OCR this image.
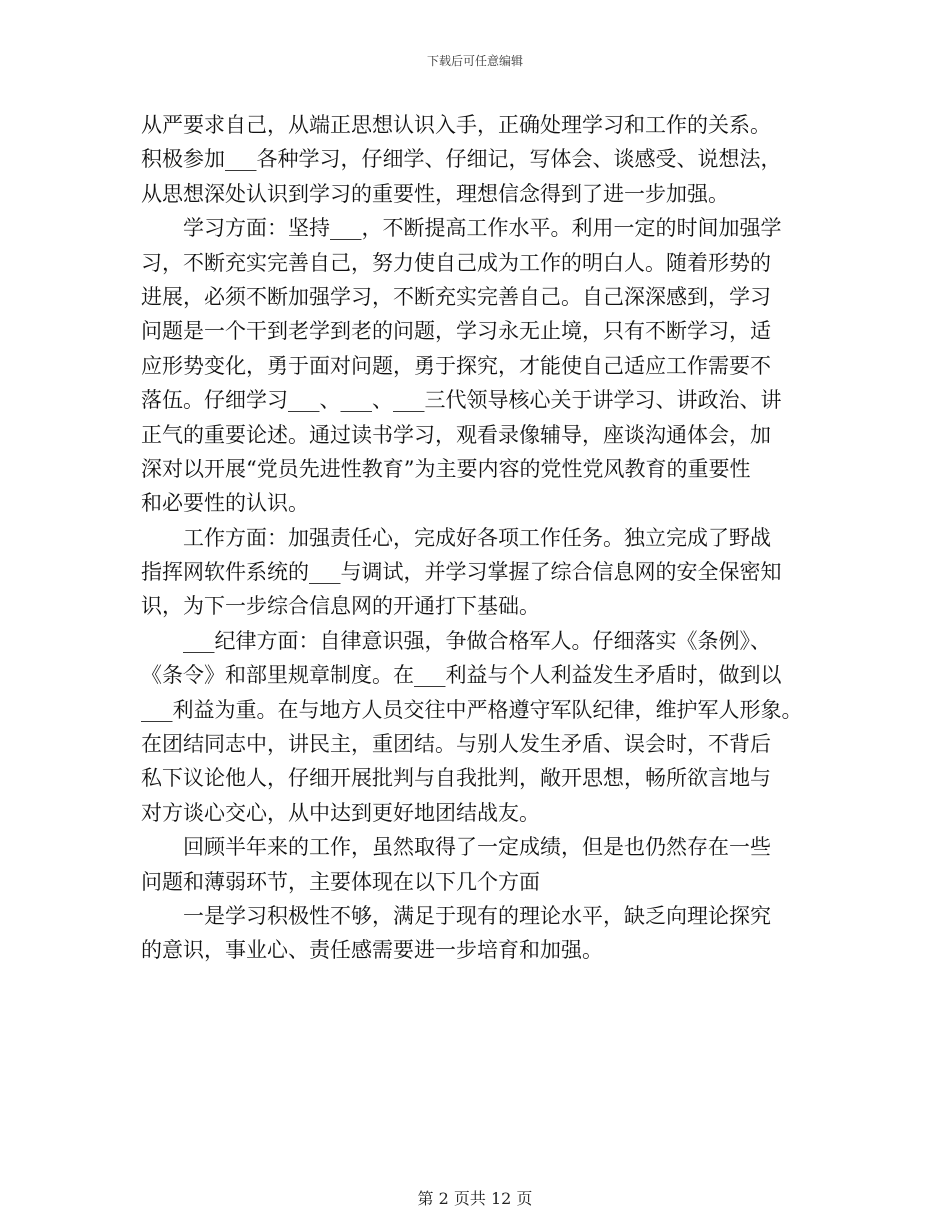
下载后可任意编辑
从严要求自己，从端正思想认识入手，正确处理学习和工作的关系。
积极参加___各种学习，仔细学、仔细记，写体会、谈感受、说想法，
从思想深处认识到学习的重要性，理想信念得到了进一步加强。
学习方面：坚持___，不断提高工作水平。利用一定的时间加强学
习，不断充实完善自己，努力使自己成为工作的明白人。随着形势的
进展，必须不断加强学习，不断充实完善自己。自己深深感到，学习
问题是一个干到老学到老的问题，学习永无止境，只有不断学习，适
应形势变化，勇于面对问题，勇于探究，才能使自己适应工作需要不
落伍。仔细学习___、___、___三代领导核心关于讲学习、讲政治、讲
正气的重要论述。通过读书学习，观看录像辅导，座谈沟通体会，加
深对以开展“党员先进性教育”为主要内容的党性党风教育的重要性
和必要性的认识。
工作方面：加强责任心，完成好各项工作任务。独立完成了野战
指挥网软件系统的___与调试，并学习掌握了综合信息网的安全保密知
识，为下一步综合信息网的开通打下基础。
___纪律方面：自律意识强，争做合格军人。仔细落实《条例》、
《条令》和部里规章制度。在___利益与个人利益发生矛盾时，做到以
___利益为重。在与地方人员交往中严格遵守军队纪律，维护军人形象。
在团结同志中，讲民主，重团结。与别人发生矛盾、误会时，不背后
私下议论他人，仔细开展批判与自我批判，敞开思想，畅所欲言地与
对方谈心交心，从中达到更好地团结战友。
回顾半年来的工作，虽然取得了一定成绩，但是也仍然存在一些
问题和薄弱环节，主要体现在以下几个方面
一是学习积极性不够，满足于现有的理论水平，缺乏向理论探究
的意识，事业心、责任感需要进一步培育和加强。
第 2 页共 12 页
